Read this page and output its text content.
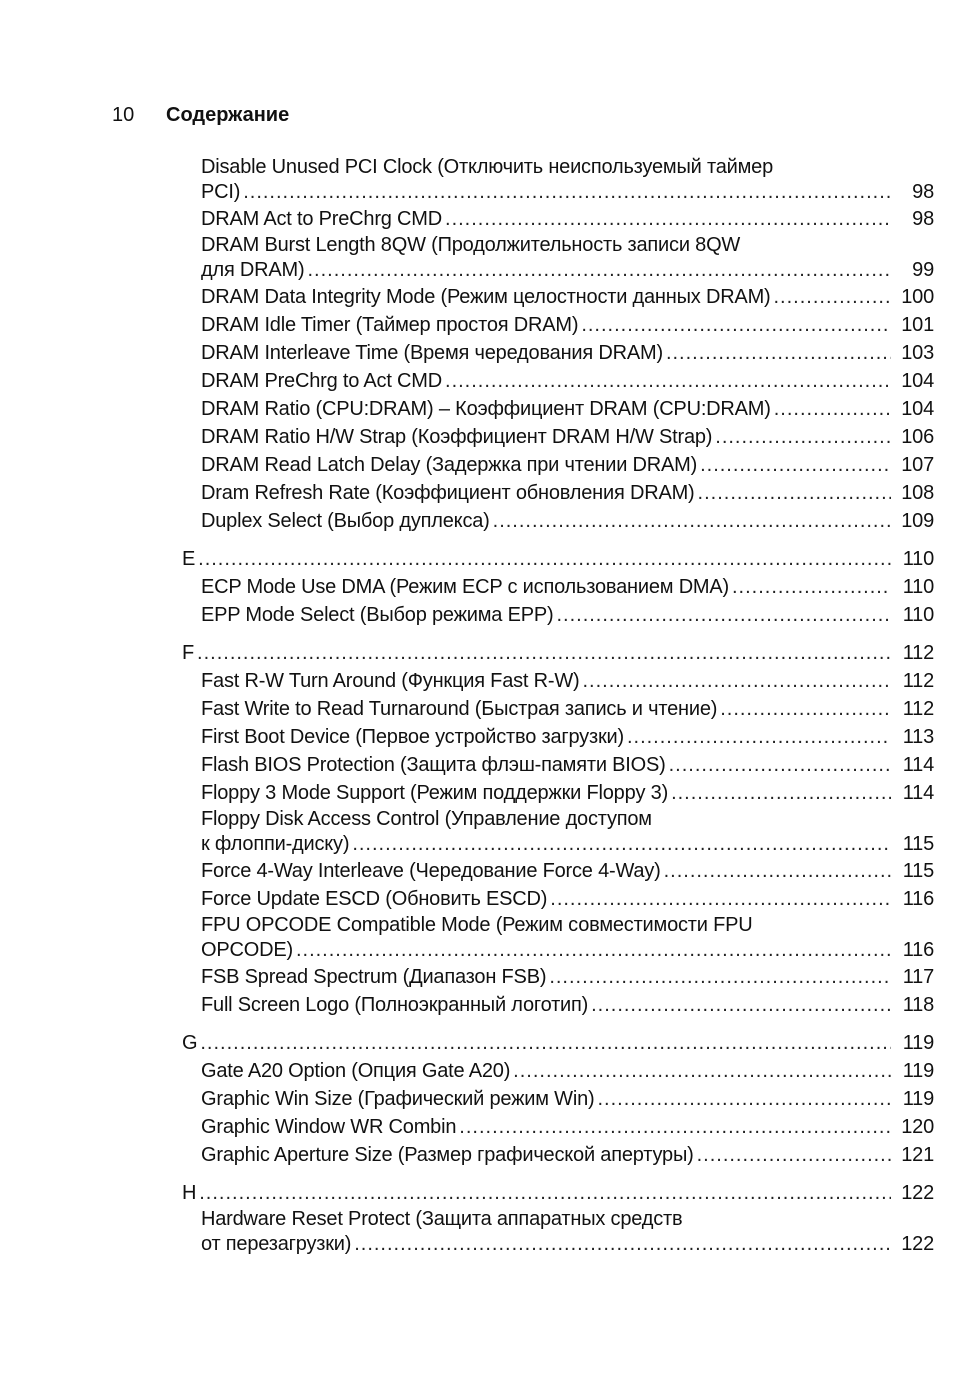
10 Содержание
Disable Unused PCI Clock (Отключить неиспользуемый таймер
PCI) .....	98
DRAM Act to PreChrg CMD .....	98
DRAM Burst Length 8QW (Продолжительность записи 8QW
для DRAM) .....	99
DRAM Data Integrity Mode (Режим целостности данных DRAM) .....	100
DRAM Idle Timer (Таймер простоя DRAM) .....	101
DRAM Interleave Time (Время чередования DRAM) .....	103
DRAM PreChrg to Act CMD .....	104
DRAM Ratio (CPU:DRAM) – Коэффициент DRAM (CPU:DRAM) .....	104
DRAM Ratio H/W Strap (Коэффициент DRAM H/W Strap) .....	106
DRAM Read Latch Delay (Задержка при чтении DRAM) .....	107
Dram Refresh Rate (Коэффициент обновления DRAM) .....	108
Duplex Select (Выбор дуплекса) .....	109
E .....	110
ECP Mode Use DMA (Режим ECP с использованием DMA) .....	110
EPP Mode Select (Выбор режима EPP) .....	110
F .....	112
Fast R-W Turn Around (Функция Fast R-W) .....	112
Fast Write to Read Turnaround (Быстрая запись и чтение) .....	112
First Boot Device (Первое устройство загрузки) .....	113
Flash BIOS Protection (Защита флэш-памяти BIOS) .....	114
Floppy 3 Mode Support (Режим поддержки Floppy 3) .....	114
Floppy Disk Access Control (Управление доступом
к флоппи-диску) .....	115
Force 4-Way Interleave (Чередование Force 4-Way) .....	115
Force Update ESCD (Обновить ESCD) .....	116
FPU OPCODE Compatible Mode (Режим совместимости FPU
OPCODE) .....	116
FSB Spread Spectrum (Диапазон FSB) .....	117
Full Screen Logo (Полноэкранный логотип) .....	118
G .....	119
Gate A20 Option (Опция Gate A20) .....	119
Graphic Win Size (Графический режим Win) .....	119
Graphic Window WR Combin .....	120
Graphic Aperture Size (Размер графической апертуры) .....	121
H .....	122
Hardware Reset Protect (Защита аппаратных средств
от перезагрузки) .....	122
